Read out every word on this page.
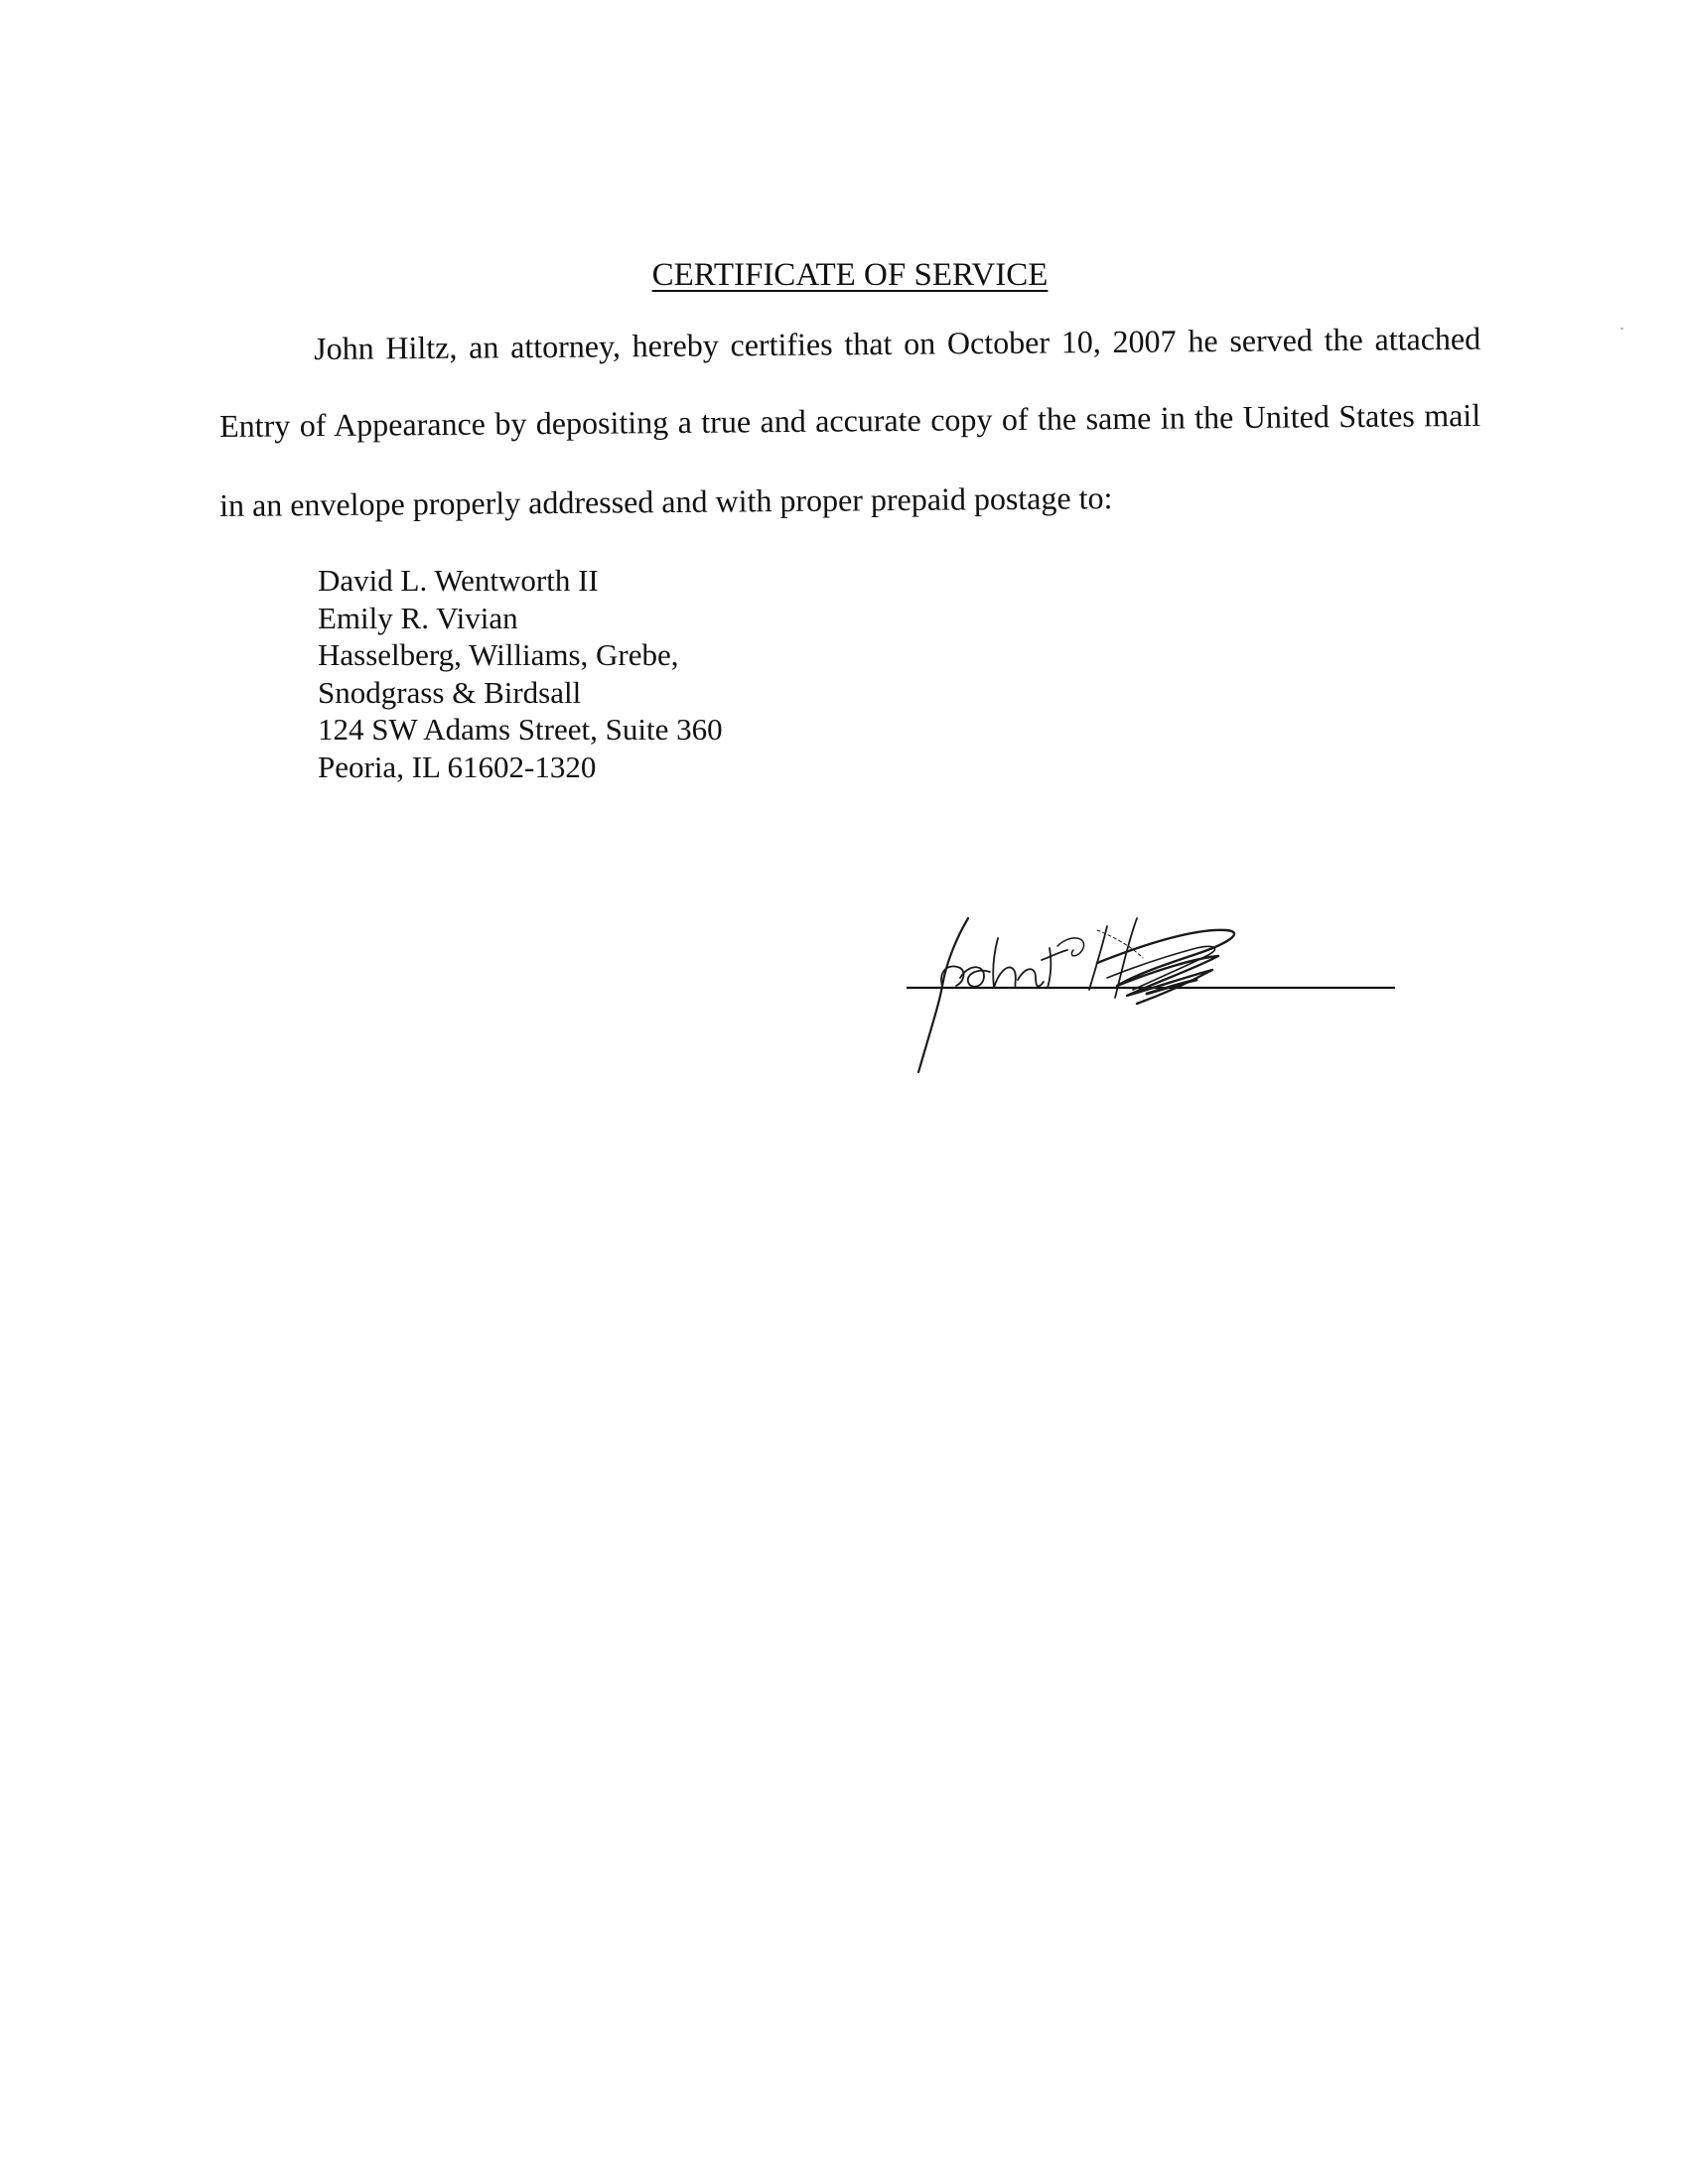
CERTIFICATE OF SERVICE
John Hiltz, an attorney, hereby certifies that on October 10, 2007 he served the attached
Entry of Appearance by depositing a true and accurate copy of the same in the United States mail
in an envelope properly addressed and with proper prepaid postage to:
David L. Wentworth II
Emily R. Vivian
Hasselberg, Williams, Grebe,
Snodgrass & Birdsall
124 SW Adams Street, Suite 360
Peoria, IL 61602-1320
